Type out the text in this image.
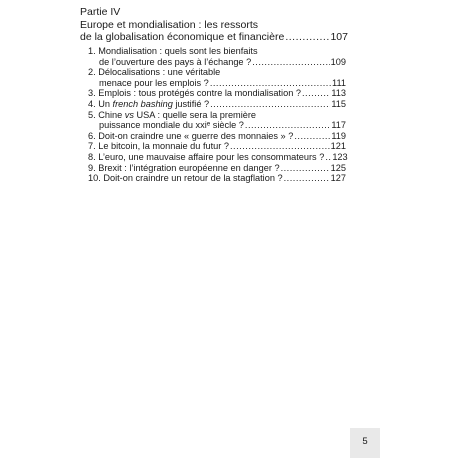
Partie IV
Europe et mondialisation : les ressorts
de la globalisation économique et financière .....	107
1. Mondialisation : quels sont les bienfaits
de l’ouverture des pays à l’échange ? .....	109
2. Délocalisations : une véritable
menace pour les emplois ? .....	111
3. Emplois : tous protégés contre la mondialisation ? .....	113
4. Un french bashing justifié ? .....	115
5. Chine vs USA : quelle sera la première
puissance mondiale du xxiᵉ siècle ? .....	117
6. Doit-on craindre une « guerre des monnaies » ? .....	119
7. Le bitcoin, la monnaie du futur ? .....	121
8. L’euro, une mauvaise affaire pour les consommateurs ? ..... 123
9. Brexit : l’intégration européenne en danger ? .....	125
10. Doit-on craindre un retour de la stagflation ? .....	127
5
